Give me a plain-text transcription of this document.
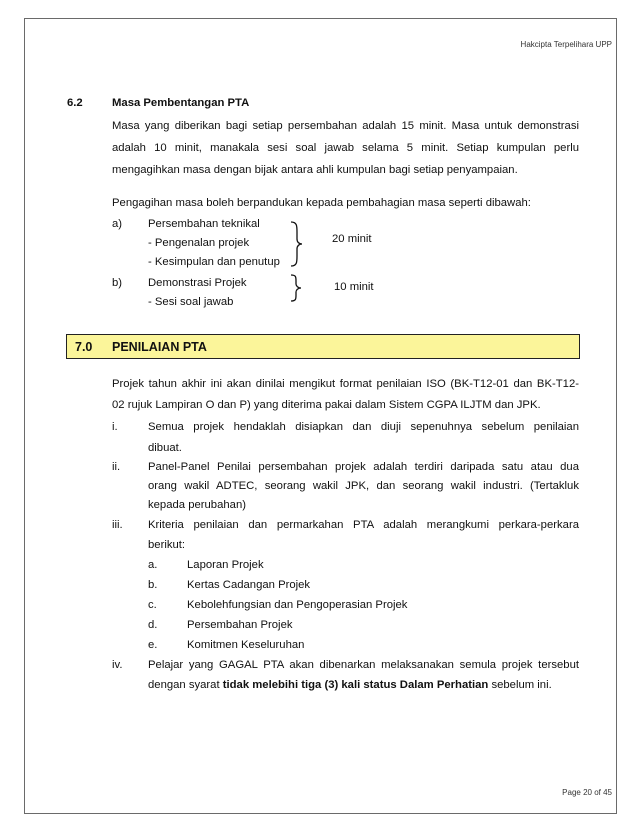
Hakcipta Terpelihara UPP
Page 20 of 45
6.2	Masa Pembentangan PTA
Masa yang diberikan bagi setiap persembahan adalah 15 minit. Masa untuk demonstrasi
adalah 10 minit, manakala sesi soal jawab selama 5 minit. Setiap kumpulan perlu
mengagihkan masa dengan bijak antara ahli kumpulan bagi setiap penyampaian.
Pengagihan masa boleh berpandukan kepada pembahagian masa seperti dibawah:
a) Persembahan teknikal
- Pengenalan projek
- Kesimpulan dan penutup
b) Demonstrasi Projek
- Sesi soal jawab
20 minit
10 minit
7.0 PENILAIAN PTA
Projek tahun akhir ini akan dinilai mengikut format penilaian ISO (BK-T12-01 dan BK-T12-
02 rujuk Lampiran O dan P) yang diterima pakai dalam Sistem CGPA ILJTM dan JPK.
i.	Semua projek hendaklah disiapkan dan diuji sepenuhnya sebelum penilaian
dibuat.
ii. Panel-Panel Penilai persembahan projek adalah terdiri daripada satu atau dua
orang wakil ADTEC, seorang wakil JPK, dan seorang wakil industri. (Tertakluk
kepada perubahan)
iii. Kriteria penilaian dan permarkahan PTA adalah merangkumi perkara-perkara
berikut:
a.	Laporan Projek
b.	Kertas Cadangan Projek
c.	Kebolehfungsian dan Pengoperasian Projek
d.	Persembahan Projek
e.	Komitmen Keseluruhan
iv. Pelajar yang GAGAL PTA akan dibenarkan melaksanakan semula projek tersebut
dengan syarat tidak melebihi tiga (3) kali status Dalam Perhatian sebelum ini.
